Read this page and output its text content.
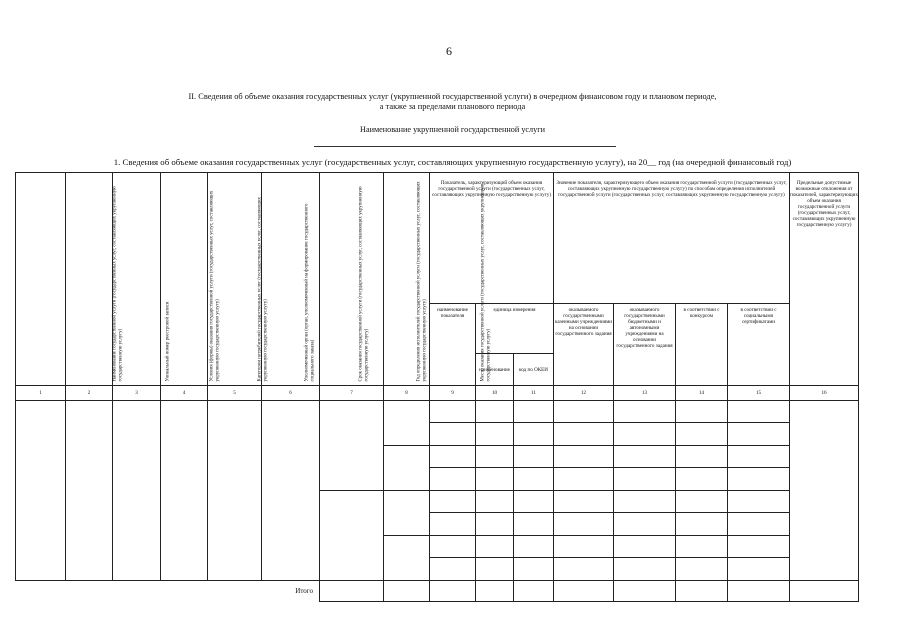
6
II. Сведения об объеме оказания государственных услуг (укрупненной государственной услуги) в очередном финансовом году и плановом периоде,
а также за пределами планового периода
Наименование укрупненной государственной услуги
1. Сведения об объеме оказания государственных услуг (государственных услуг, составляющих укрупненную государственную услугу), на 20__ год (на очередной финансовый год)
Наименование государственной услуги (государственных услуг, составляющих укрупненную государственную услугу)	Уникальный номер реестровой записи	Условия (формы) оказания государственной услуги (государственных услуг, составляющих укрупненную государственную услугу)	Категории потребителей государственных услуг (государственных услуг, составляющих укрупненную государственную услугу)	Уполномоченный орган (орган, уполномоченный на формирование государственного социального заказа)	Срок оказания государственной услуги (государственных услуг, составляющих укрупненную государственную услугу)	Год определения исполнителей государственной услуги (государственных услуг, составляющих укрупненную государственную услугу)	Место оказания государственной услуги (государственных услуг, составляющих укрупненную государственную услугу)	Показатель, характеризующий объем оказания государственной услуги (государственных услуг, составляющих укрупненную государственную услугу)			Значение показателя, характеризующего объем оказания государственной услуги (государственных услуг, составляющих укрупненную государственную услугу) по способам определения исполнителей государственной услуги (государственных услуг, составляющих укрупненную государственную услугу)				Предельные допустимые возможные отклонения от показателей, характеризующих объем оказания государственной услуги (государственных услуг, составляющих укрупненную государственную услугу)
								наименование показателя	единица измерения		оказываемого государственными казенными учреждениями на основании государственного задания	оказываемого государственными бюджетными и автономными учреждениями на основании государственного задания	в соответствии с конкурсом	в соответствии с социальными сертификатами	
									наименование	код по ОКЕИ					
1	2	3	4	5	6	7	8	9	10	11	12	13	14	15	16

Итого															
